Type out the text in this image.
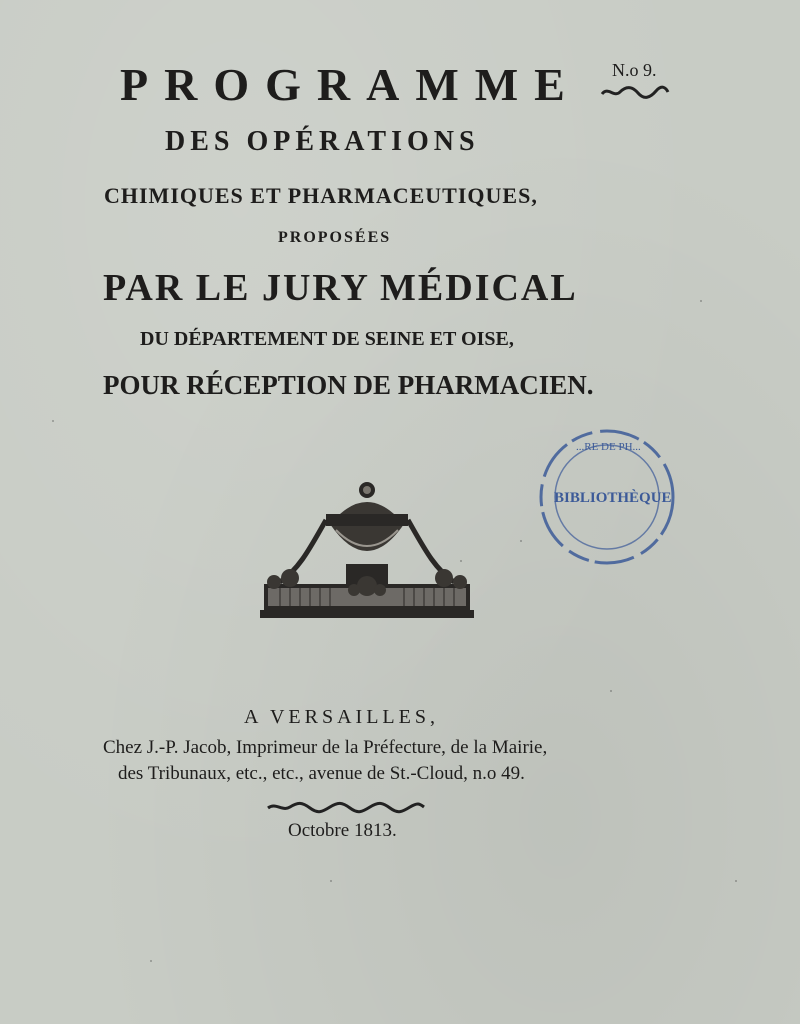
PROGRAMME N.o 9.
DES OPÉRATIONS
CHIMIQUES ET PHARMACEUTIQUES,
PROPOSÉES
PAR LE JURY MÉDICAL
DU DÉPARTEMENT DE SEINE ET OISE,
POUR RÉCEPTION DE PHARMACIEN.
...RE DE PH...
BIBLIOTHÈQUE
A VERSAILLES,
Chez J.-P. Jacob, Imprimeur de la Préfecture, de la Mairie,
des Tribunaux, etc., etc., avenue de St.-Cloud, n.o 49.
Octobre 1813.
